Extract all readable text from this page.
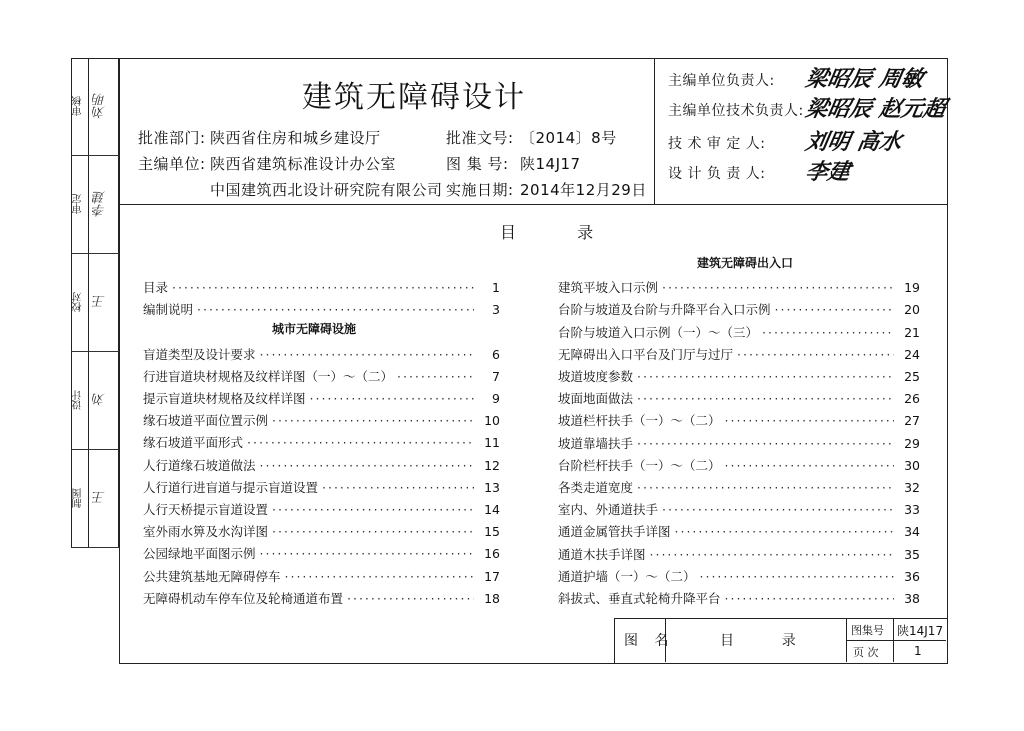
审核 刘明
审定 李建
校对 王
设计 刘
制图 王
建筑无障碍设计
批准部门: 陕西省住房和城乡建设厅
主编单位: 陕西省建筑标准设计办公室
中国建筑西北设计研究院有限公司
批准文号: 〔2014〕8号
图 集 号: 陕14J17
实施日期: 2014年12月29日
主编单位负责人: 梁昭辰 周敏
主编单位技术负责人: 梁昭辰 赵元超
技 术 审 定 人: 刘明 高水
设 计 负 责 人: 李建
目 录
目录 ·····	1
编制说明 ·····	3
城市无障碍设施
盲道类型及设计要求 ·····	6
行进盲道块材规格及纹样详图（一）～（二） ·····	7
提示盲道块材规格及纹样详图 ·····	9
缘石坡道平面位置示例 ·····	10
缘石坡道平面形式 ·····	11
人行道缘石坡道做法 ·····	12
人行道行进盲道与提示盲道设置 ·····	13
人行天桥提示盲道设置 ·····	14
室外雨水箅及水沟详图 ·····	15
公园绿地平面图示例 ·····	16
公共建筑基地无障碍停车 ·····	17
无障碍机动车停车位及轮椅通道布置 ·····	18
建筑无障碍出入口
建筑平坡入口示例 ·····	19
台阶与坡道及台阶与升降平台入口示例 ·····	20
台阶与坡道入口示例（一）～（三） ·····	21
无障碍出入口平台及门厅与过厅 ·····	24
坡道坡度参数 ·····	25
坡面地面做法 ·····	26
坡道栏杆扶手（一）～（二） ·····	27
坡道靠墙扶手 ·····	29
台阶栏杆扶手（一）～（二） ·····	30
各类走道宽度 ·····	32
室内、外通道扶手 ·····	33
通道金属管扶手详图 ·····	34
通道木扶手详图 ·····	35
通道护墙（一）～（二） ·····	36
斜拔式、垂直式轮椅升降平台 ·····	38
图 名	目    录
图集号 陕14J17
页 次	1
